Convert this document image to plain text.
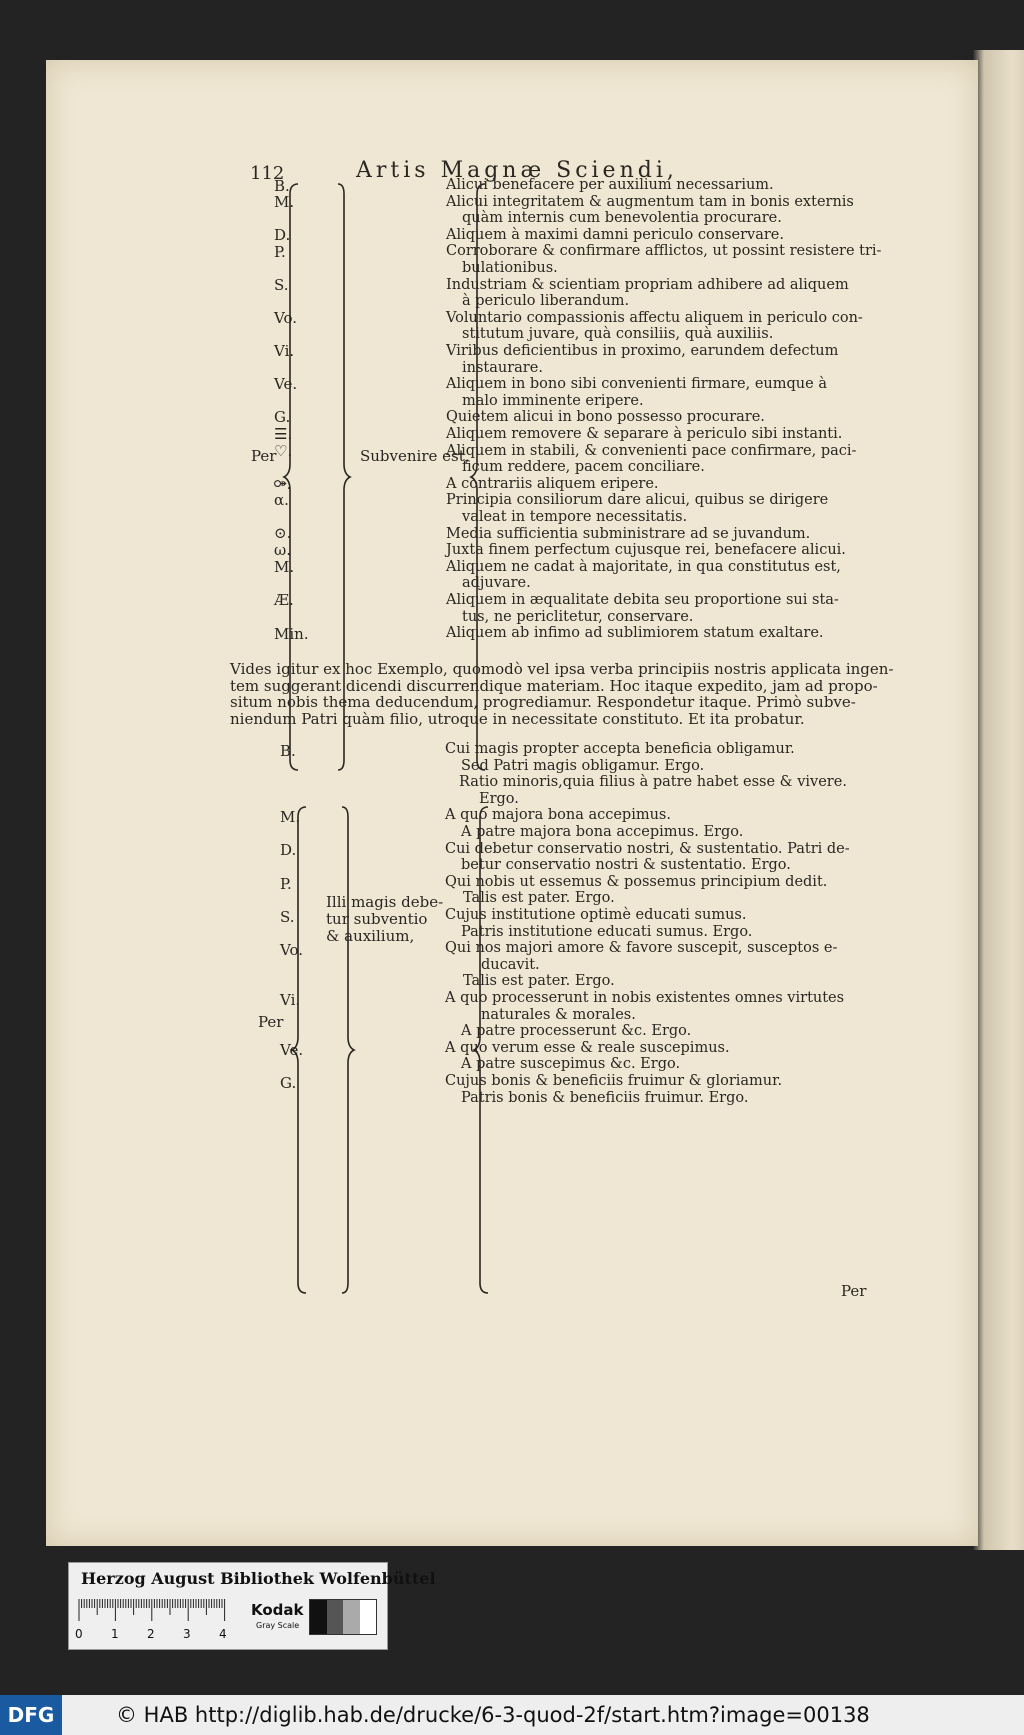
112	Artis Magnæ Sciendi,
Per
B.
M.
D.
P.
S.
Vo.
Vi.
Ve.
G.
☰.
♡.
⚩.
α.
⊙.
ω.
M.
Æ.
Min.
Subvenire est,
Alicui benefacere per auxilium necessarium.
Alicui integritatem & augmentum tam in bonis externis
quàm internis cum benevolentia procurare.
Aliquem à maximi damni periculo conservare.
Corroborare & confirmare afflictos, ut possint resistere tri-
bulationibus.
Industriam & scientiam propriam adhibere ad aliquem
à periculo liberandum.
Voluntario compassionis affectu aliquem in periculo con-
stitutum juvare, quà consiliis, quà auxiliis.
Viribus deficientibus in proximo, earundem defectum
instaurare.
Aliquem in bono sibi convenienti firmare, eumque à
malo imminente eripere.
Quietem alicui in bono possesso procurare.
Aliquem removere & separare à periculo sibi instanti.
Aliquem in stabili, & convenienti pace confirmare, paci-
ficum reddere, pacem conciliare.
A contrariis aliquem eripere.
Principia consiliorum dare alicui, quibus se dirigere
valeat in tempore necessitatis.
Media sufficientia subministrare ad se juvandum.
Juxta finem perfectum cujusque rei, benefacere alicui.
Aliquem ne cadat à majoritate, in qua constitutus est,
adjuvare.
Aliquem in æqualitate debita seu proportione sui sta-
tus, ne periclitetur, conservare.
Aliquem ab infimo ad sublimiorem statum exaltare.
Vides igitur ex hoc Exemplo, quomodò vel ipsa verba principiis nostris applicata ingen-
tem suggerant dicendi discurrendique materiam. Hoc itaque expedito, jam ad propo-
situm nobis thema deducendum, progrediamur. Respondetur itaque. Primò subve-
niendum Patri quàm filio, utroque in necessitate constituto. Et ita probatur.
Per
B.
M.
D.
P.
S.
Vo.
Vi.
Ve.
G.
Illi magis debe-
tur subventio
& auxilium,
Cui magis propter accepta beneficia obligamur.
Sed Patri magis obligamur. Ergo.
Ratio minoris,quia filius à patre habet esse & vivere.
Ergo.
A quo majora bona accepimus.
A patre majora bona accepimus. Ergo.
Cui debetur conservatio nostri, & sustentatio. Patri de-
betur conservatio nostri & sustentatio. Ergo.
Qui nobis ut essemus & possemus principium dedit.
Talis est pater. Ergo.
Cujus institutione optimè educati sumus.
Patris institutione educati sumus. Ergo.
Qui nos majori amore & favore suscepit, susceptos e-
ducavit.
Talis est pater. Ergo.
A quo processerunt in nobis existentes omnes virtutes
naturales & morales.
A patre processerunt &c. Ergo.
A quo verum esse & reale suscepimus.
A patre suscepimus &c. Ergo.
Cujus bonis & beneficiis fruimur & gloriamur.
Patris bonis & beneficiis fruimur. Ergo.
Per
Herzog August Bibliothek Wolfenbüttel
0 1 2 3 4
Kodak
Gray Scale
DFG	© HAB http://diglib.hab.de/drucke/6-3-quod-2f/start.htm?image=00138
